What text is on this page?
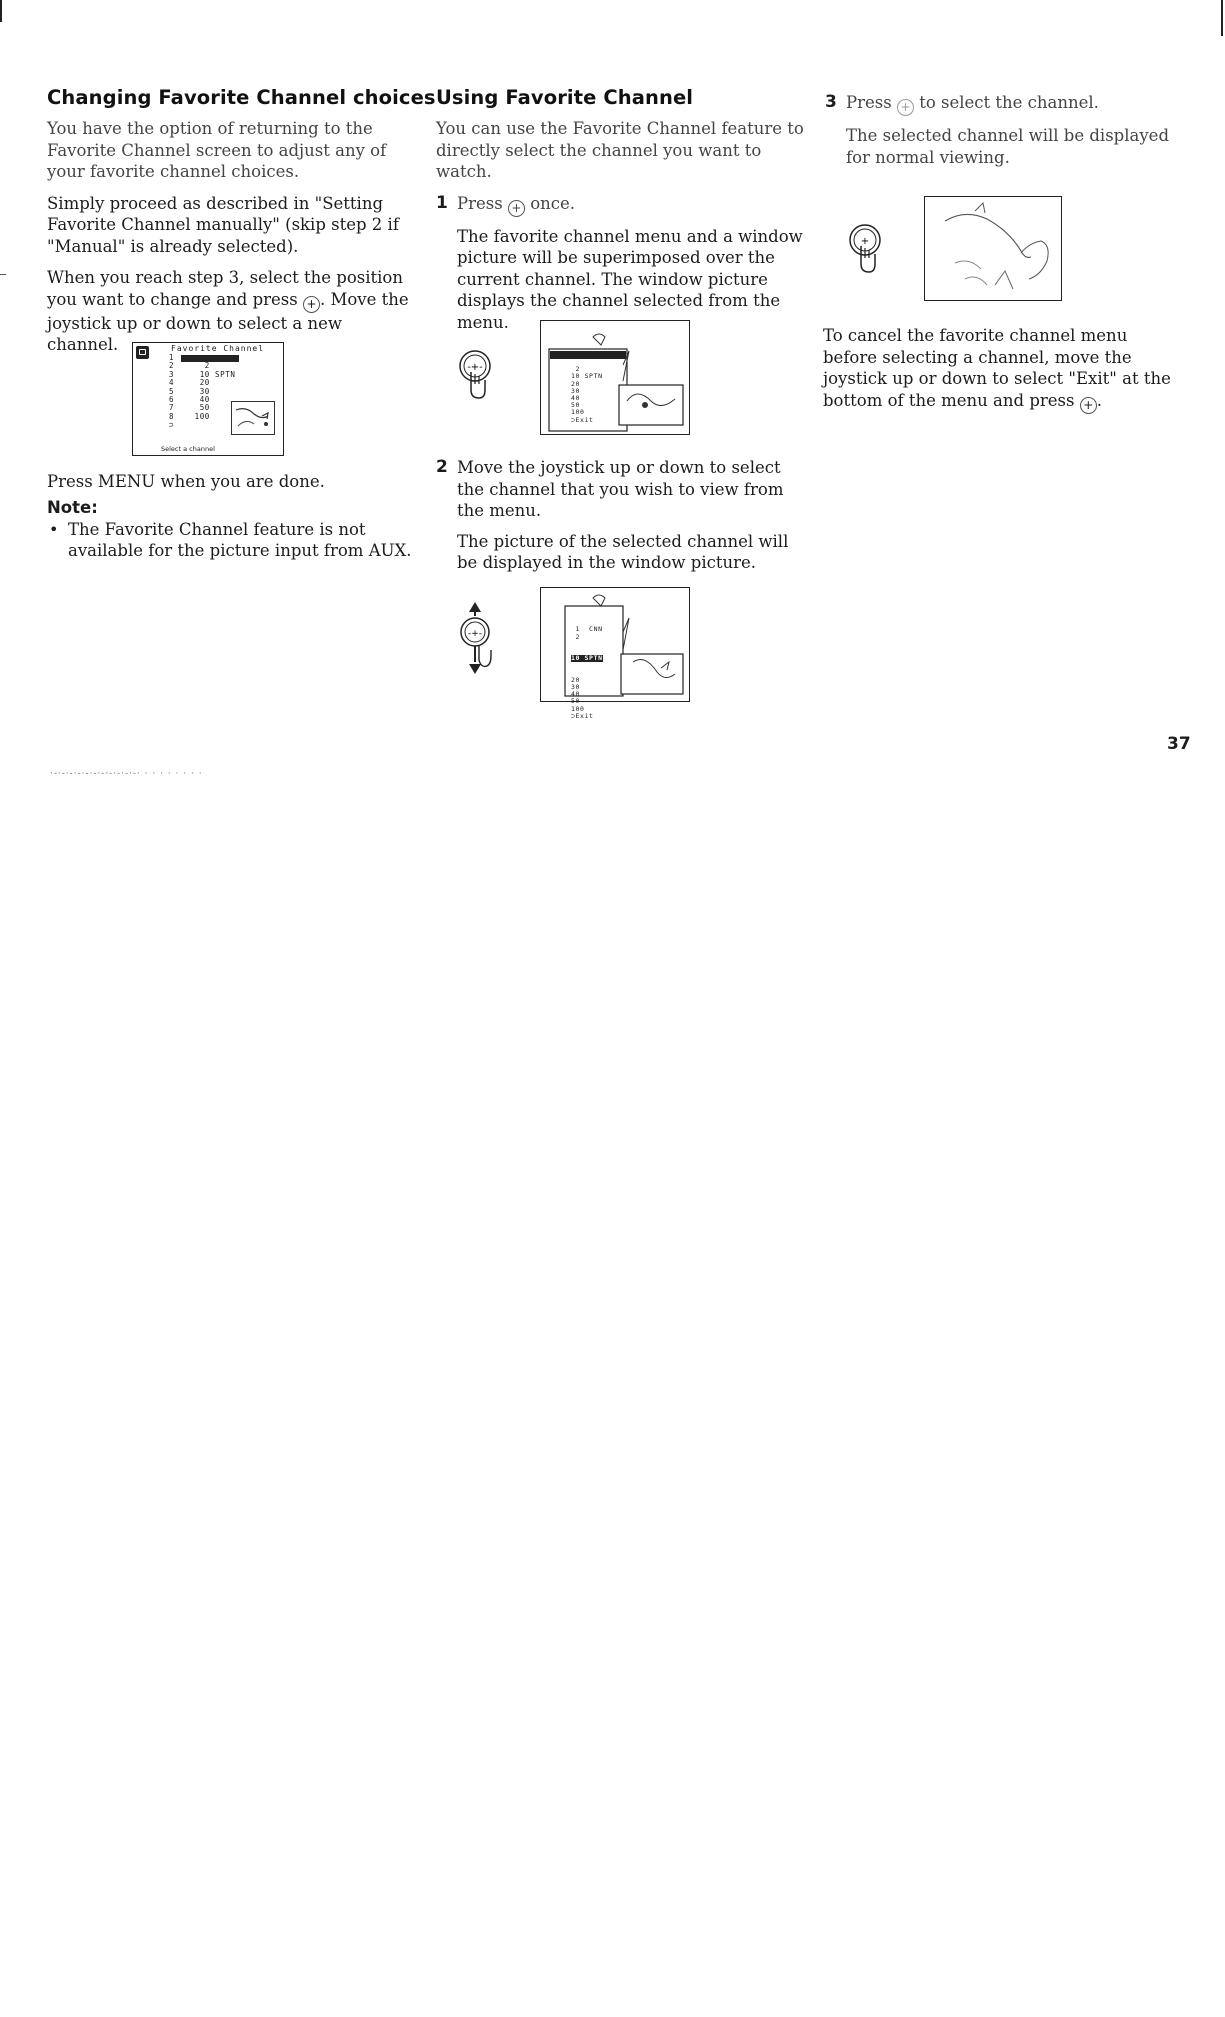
Changing Favorite Channel choices

You have the option of returning to the Favorite Channel screen to adjust any of your favorite channel choices.

Simply proceed as described in "Setting Favorite Channel manually" (skip step 2 if "Manual" is already selected).

When you reach step 3, select the position you want to change and press + . Move the joystick up or down to select a new channel.	Favorite Channel
1
2      2
3     10 SPTN
4     20
5     30
6     40
7     50
8    100
⊃
Select a channel

Press MENU when you are done.

Note:

• The Favorite Channel feature is not available for the picture input from AUX.

Using Favorite Channel

You can use the Favorite Channel feature to directly select the channel you want to watch.

1 Press + once.

The favorite channel menu and a window picture will be superimposed over the current channel. The window picture displays the channel selected from the menu.

-+-	
2
10 SPTN
20
30
40
50
100
⊃Exit
2 Move the joystick up or down to select the channel that you wish to view from the menu.

The picture of the selected channel will be displayed in the window picture.

-+-

	1  CNN
2

10 SPTN

20
30
40
50
100
⊃Exit

3 Press + to select the channel.

The selected channel will be displayed for normal viewing.

+

To cancel the favorite channel menu before selecting a channel, move the joystick up or down to select "Exit" at the bottom of the menu and press + .

37
·-·-·-·-·-·-·-·-·-·-·-· · · · · · · · ·
